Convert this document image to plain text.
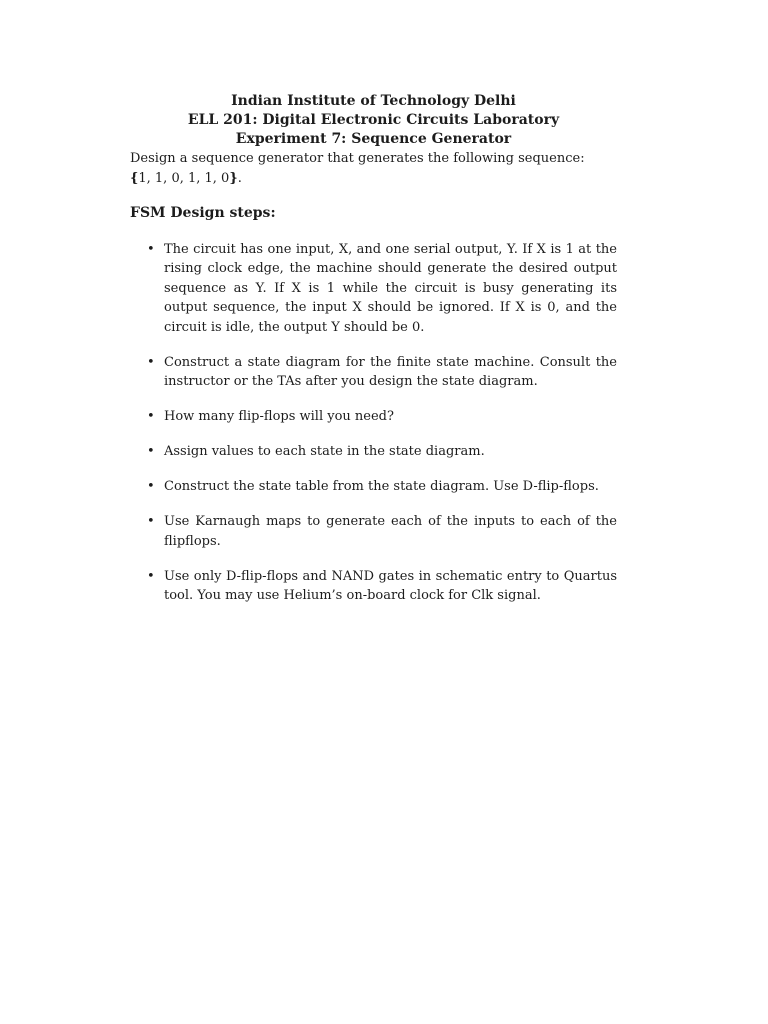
Indian Institute of Technology Delhi
ELL 201: Digital Electronic Circuits Laboratory
Experiment 7: Sequence Generator
Design a sequence generator that generates the following sequence:
{1, 1, 0, 1, 1, 0}.
FSM Design steps:
• The circuit has one input, X, and one serial output, Y. If X is 1 at the rising clock edge, the machine should generate the desired output sequence as Y. If X is 1 while the circuit is busy generating its output sequence, the input X should be ignored. If X is 0, and the circuit is idle, the output Y should be 0.
• Construct a state diagram for the finite state machine. Consult the instructor or the TAs after you design the state diagram.
• How many flip-flops will you need?
• Assign values to each state in the state diagram.
• Construct the state table from the state diagram. Use D-flip-flops.
• Use Karnaugh maps to generate each of the inputs to each of the flipflops.
• Use only D-flip-flops and NAND gates in schematic entry to Quartus tool. You may use Helium’s on-board clock for Clk signal.
